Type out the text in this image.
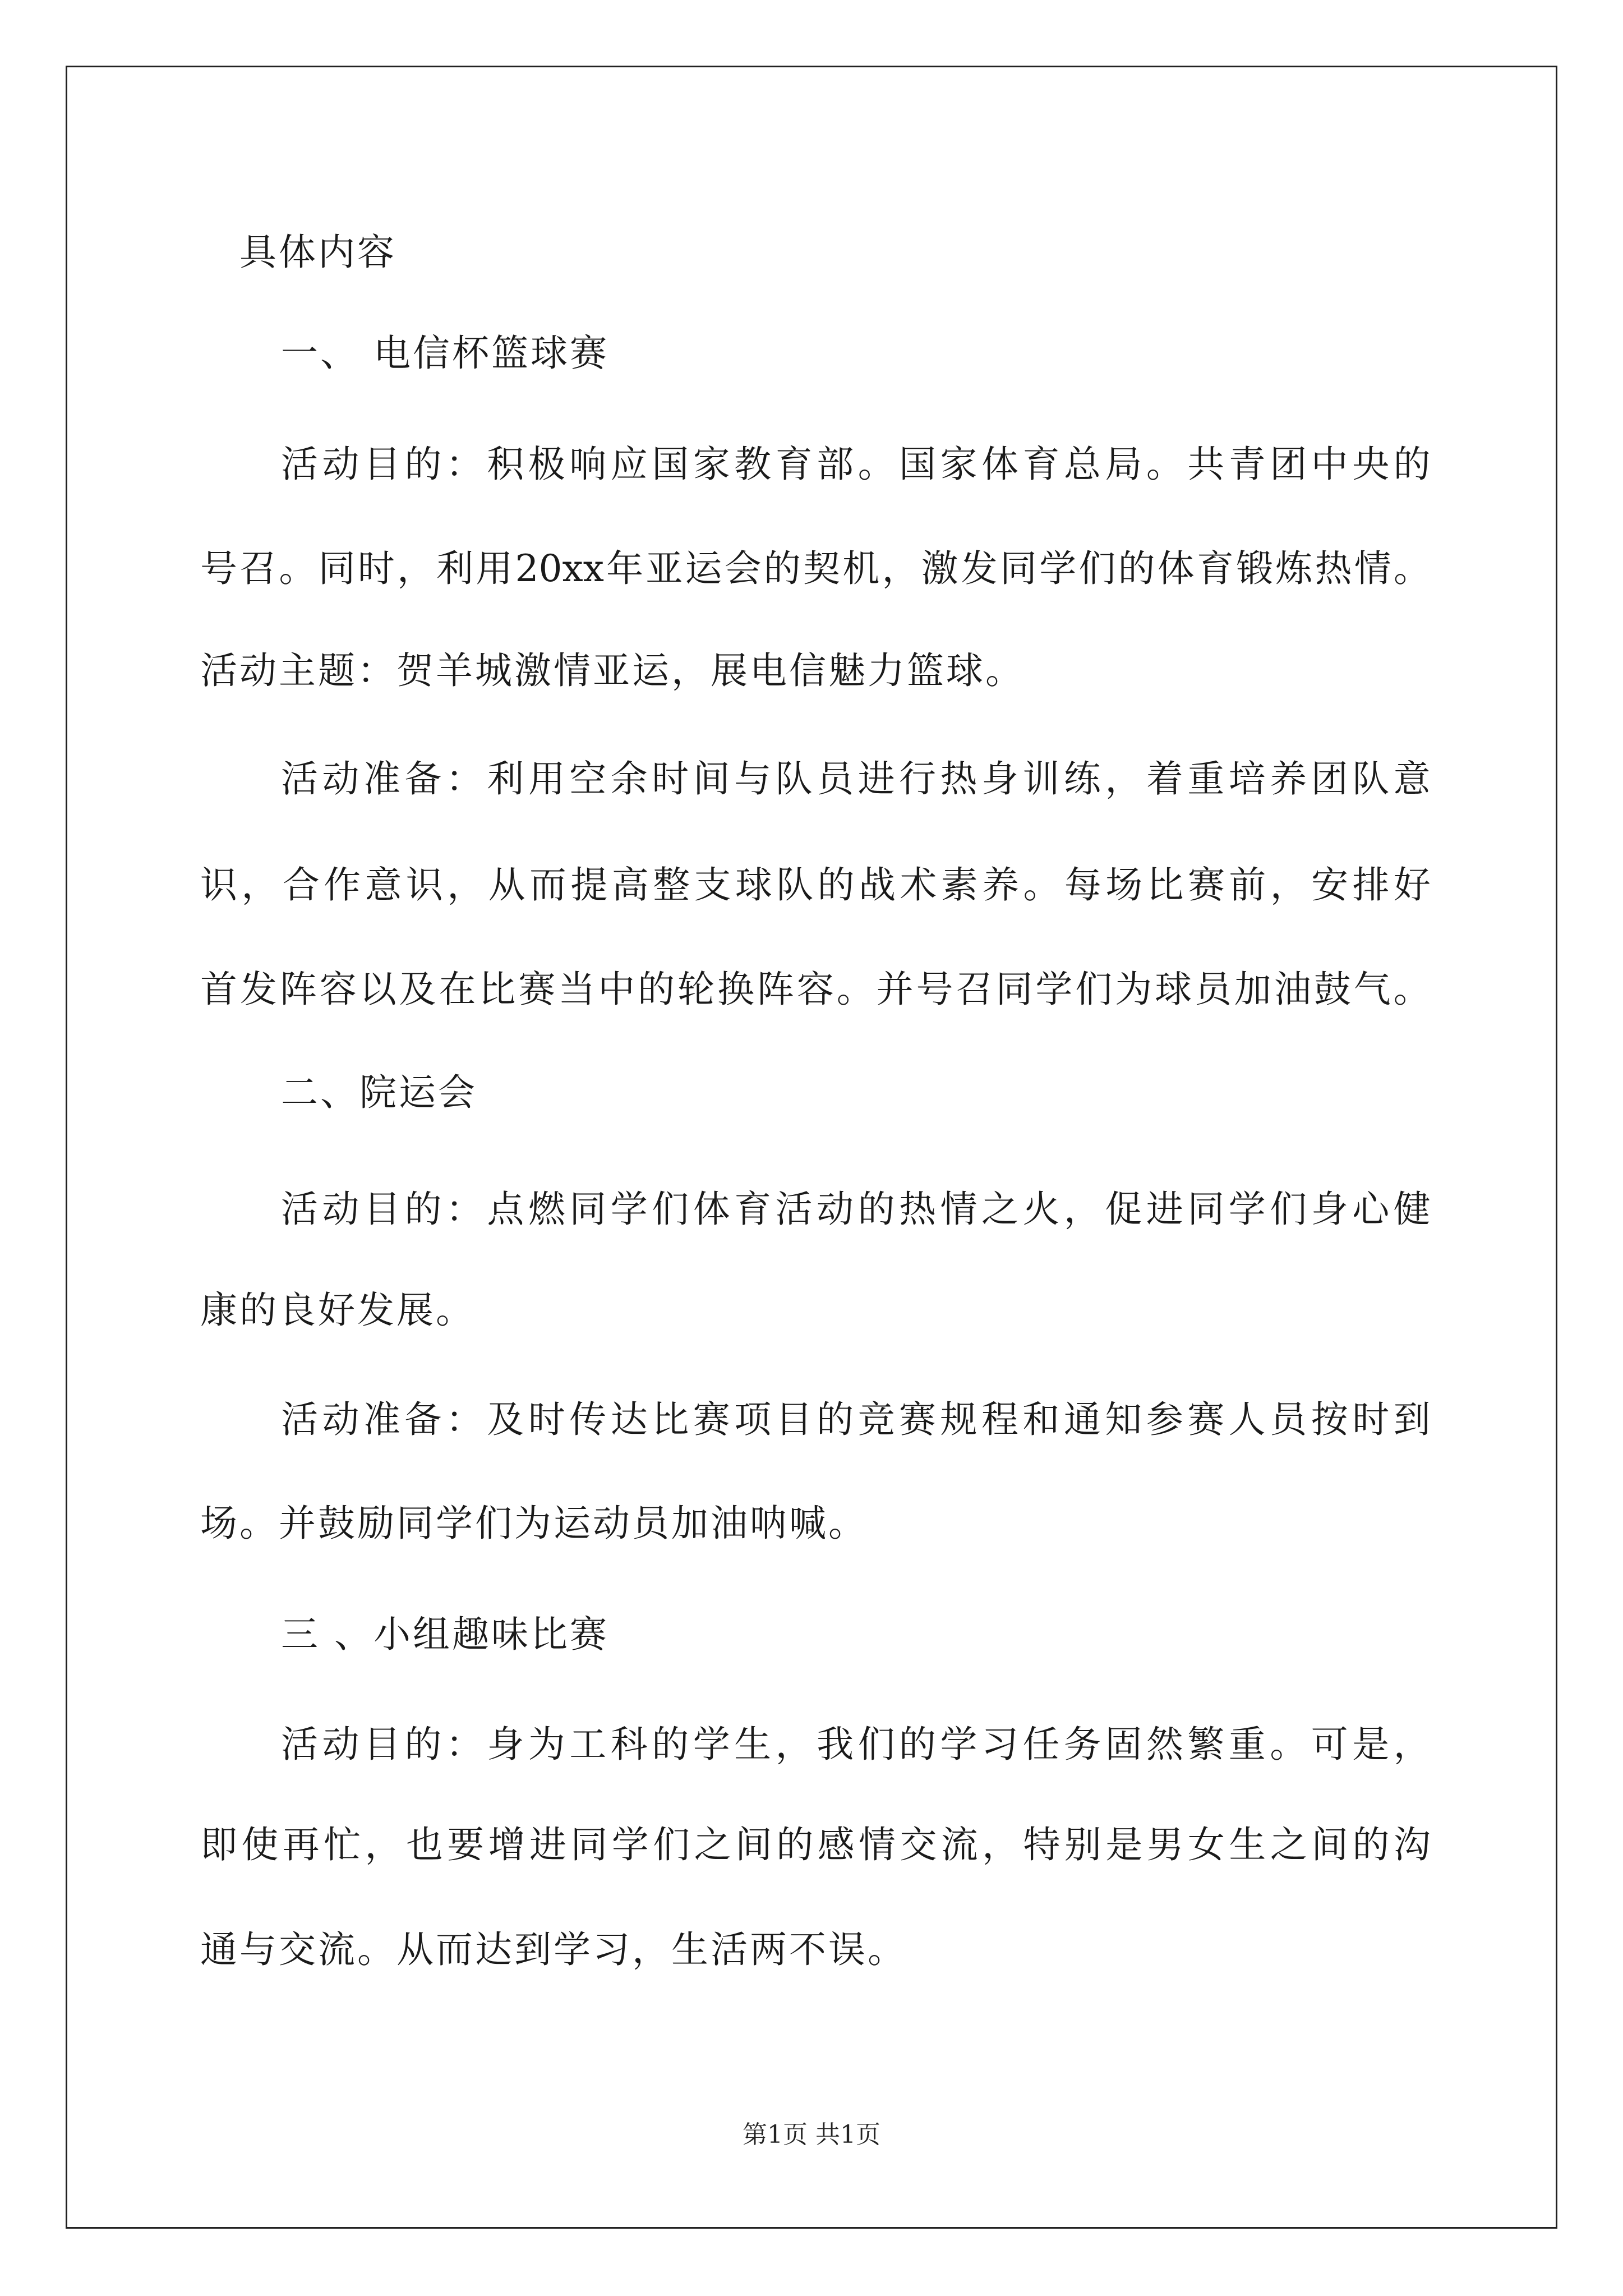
具体内容
一、 电信杯篮球赛
活 动 目 的 ： 积 极 响 应 国 家 教 育 部 。 国 家 体 育 总 局 。 共 青 团 中 央 的
号 召 。 同 时 ， 利 用 20xx 年 亚 运 会 的 契 机 ， 激 发 同 学 们 的 体 育 锻 炼 热 情 。
活动主题：贺羊城激情亚运，展电信魅力篮球。
活 动 准 备 ： 利 用 空 余 时 间 与 队 员 进 行 热 身 训 练 ， 着 重 培 养 团 队 意
识 ， 合 作 意 识 ， 从 而 提 高 整 支 球 队 的 战 术 素 养 。 每 场 比 赛 前 ， 安 排 好
首 发 阵 容 以 及 在 比 赛 当 中 的 轮 换 阵 容 。 并 号 召 同 学 们 为 球 员 加 油 鼓 气 。
二、院运会
活 动 目 的 ： 点 燃 同 学 们 体 育 活 动 的 热 情 之 火 ， 促 进 同 学 们 身 心 健
康的良好发展。
活 动 准 备 ： 及 时 传 达 比 赛 项 目 的 竞 赛 规 程 和 通 知 参 赛 人 员 按 时 到
场。并鼓励同学们为运动员加油呐喊。
三 、小组趣味比赛
活 动 目 的 ： 身 为 工 科 的 学 生 ， 我 们 的 学 习 任 务 固 然 繁 重 。 可 是 ，
即 使 再 忙 ， 也 要 增 进 同 学 们 之 间 的 感 情 交 流 ， 特 别 是 男 女 生 之 间 的 沟
通与交流。从而达到学习，生活两不误。
第1页 共1页
